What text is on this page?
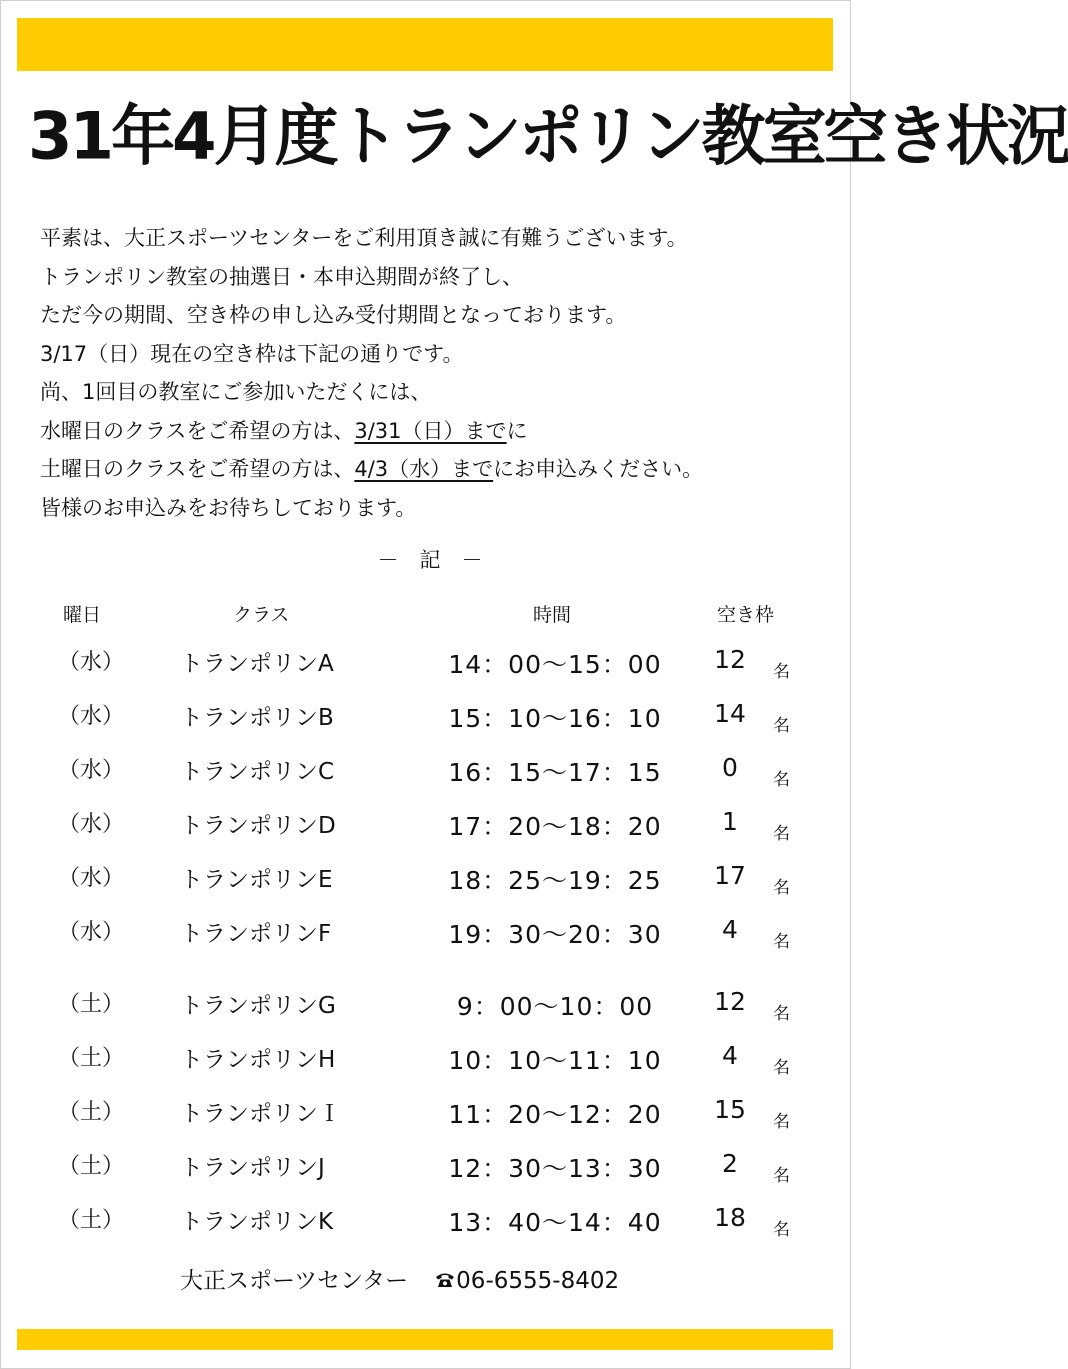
31年4月度トランポリン教室空き状況
平素は、大正スポーツセンターをご利用頂き誠に有難うございます。
トランポリン教室の抽選日・本申込期間が終了し、
ただ今の期間、空き枠の申し込み受付期間となっております。
3/17（日）現在の空き枠は下記の通りです。
尚、1回目の教室にご参加いただくには、
水曜日のクラスをご希望の方は、3/31（日）までに
土曜日のクラスをご希望の方は、4/3（水）までにお申込みください。
皆様のお申込みをお待ちしております。
－　記　－
曜日	クラス	時間	空き枠
（水） トランポリンA	14：00～15：00	12	名
（水） トランポリンB	15：10～16：10	14	名
（水） トランポリンC	16：15～17：15	0	名
（水） トランポリンD	17：20～18：20	1	名
（水） トランポリンE	18：25～19：25	17	名
（水） トランポリンF	19：30～20：30	4	名
（土） トランポリンG	9：00～10：00	12	名
（土） トランポリンH	10：10～11：10	4	名
（土） トランポリンＩ	11：20～12：20	15	名
（土） トランポリンJ	12：30～13：30	2	名
（土） トランポリンK	13：40～14：40	18	名
大正スポーツセンター 06-6555-8402
